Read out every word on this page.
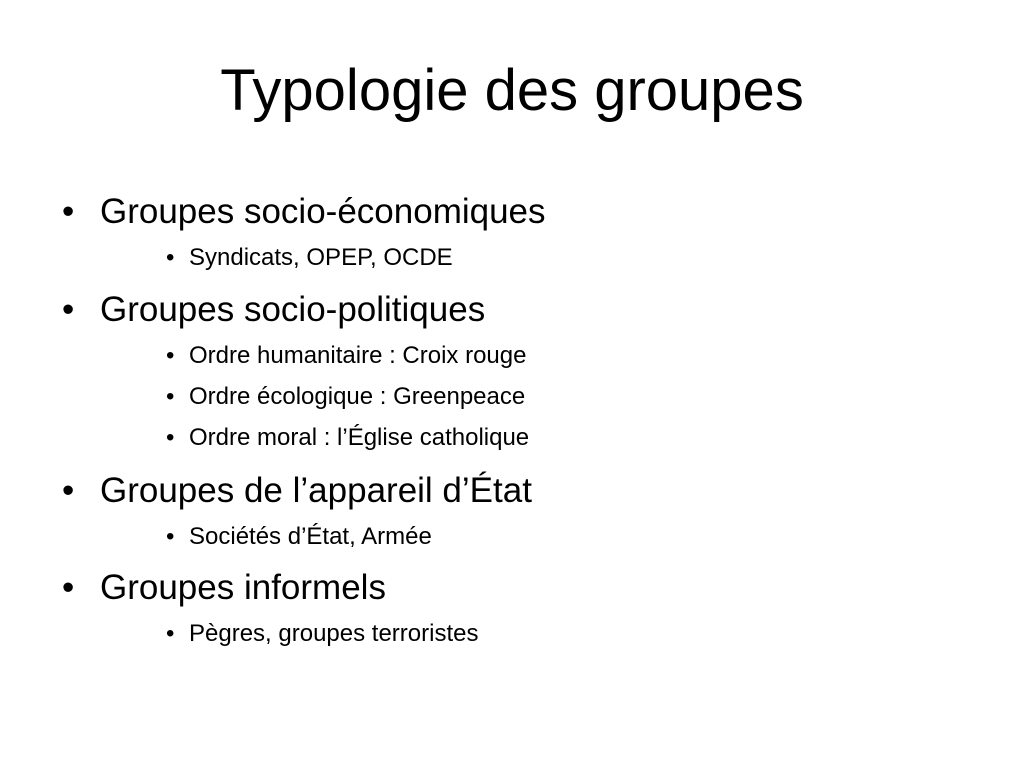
Typologie des groupes
• Groupes socio-économiques
• Syndicats, OPEP, OCDE
• Groupes socio-politiques
• Ordre humanitaire : Croix rouge
• Ordre écologique : Greenpeace
• Ordre moral : l’Église catholique
• Groupes de l’appareil d’État
• Sociétés d’État, Armée
• Groupes informels
• Pègres, groupes terroristes
